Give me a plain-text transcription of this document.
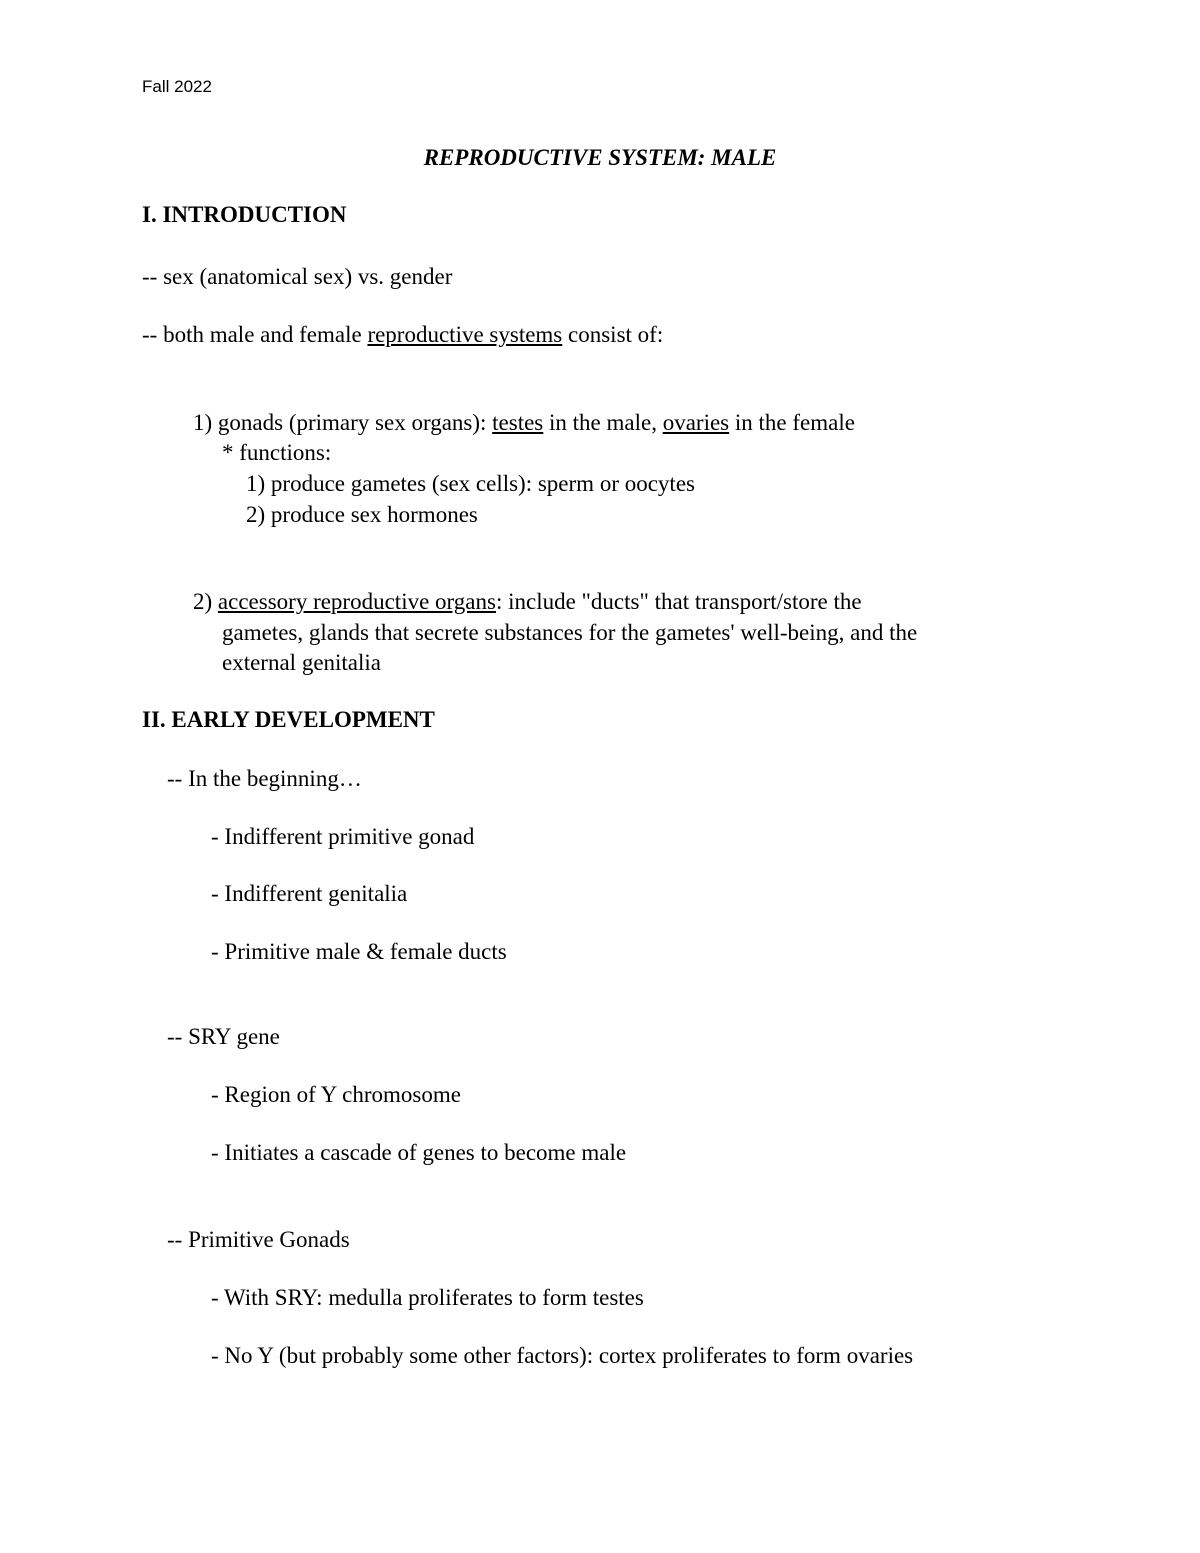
Fall 2022
REPRODUCTIVE SYSTEM: MALE
I. INTRODUCTION
-- sex (anatomical sex) vs. gender
-- both male and female reproductive systems consist of:
1) gonads (primary sex organs): testes in the male, ovaries in the female
* functions:
1) produce gametes (sex cells): sperm or oocytes
2) produce sex hormones
2) accessory reproductive organs: include "ducts" that transport/store the
gametes, glands that secrete substances for the gametes' well-being, and the
external genitalia
II. EARLY DEVELOPMENT
-- In the beginning…
- Indifferent primitive gonad
- Indifferent genitalia
- Primitive male & female ducts
-- SRY gene
- Region of Y chromosome
- Initiates a cascade of genes to become male
-- Primitive Gonads
- With SRY: medulla proliferates to form testes
- No Y (but probably some other factors): cortex proliferates to form ovaries
